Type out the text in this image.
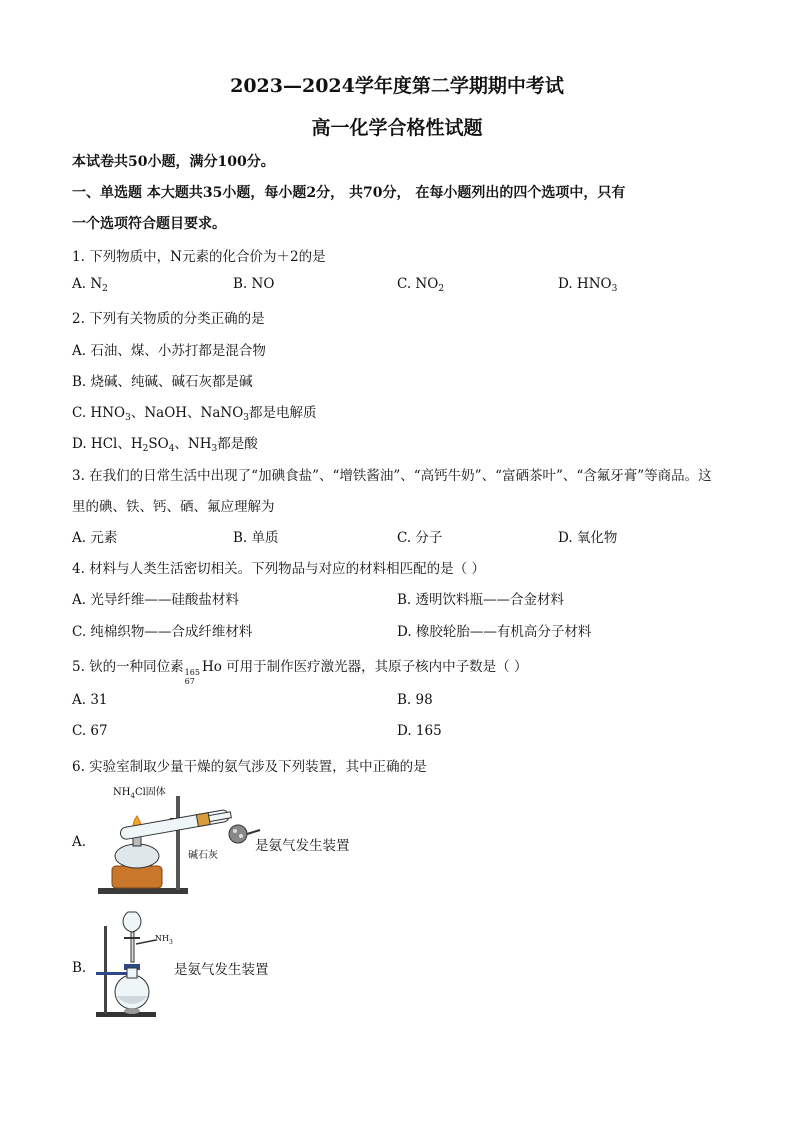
2023—2024学年度第二学期期中考试
高一化学合格性试题
本试卷共50小题，满分100分。
一、单选题 本大题共35小题，每小题2分， 共70分， 在每小题列出的四个选项中，只有
一个选项符合题目要求。
1. 下列物质中，N元素的化合价为＋2的是
A. $N_2$	B. NO	C. $NO_2$	D. $HNO_3$
2. 下列有关物质的分类正确的是
A. 石油、煤、小苏打都是混合物
B. 烧碱、纯碱、碱石灰都是碱
C. $HNO_3$、NaOH、NaNO$_3$都是电解质
D. HCl、$H_2SO_4$、$NH_3$都是酸
3. 在我们的日常生活中出现了“加碘食盐”、“增铁酱油”、“高钙牛奶”、“富硒茶叶”、“含氟牙膏”等商品。这
里的碘、铁、钙、硒、氟应理解为
A. 元素	B. 单质	C. 分子	D. 氧化物
4. 材料与人类生活密切相关。下列物品与对应的材料相匹配的是（ ）
A. 光导纤维——硅酸盐材料	B. 透明饮料瓶——合金材料
C. 纯棉织物——合成纤维材料	D. 橡胶轮胎——有机高分子材料
5. 钬的一种同位素 165
67
Ho 可用于制作医疗激光器，其原子核内中子数是（ ）
A. 31	B. 98
C. 67	D. 165
6. 实验室制取少量干燥的氨气涉及下列装置，其中正确的是
A.
$NH_4Cl$固体
碱石灰
是氨气发生装置
B.
$NH_3$
是氨气发生装置
